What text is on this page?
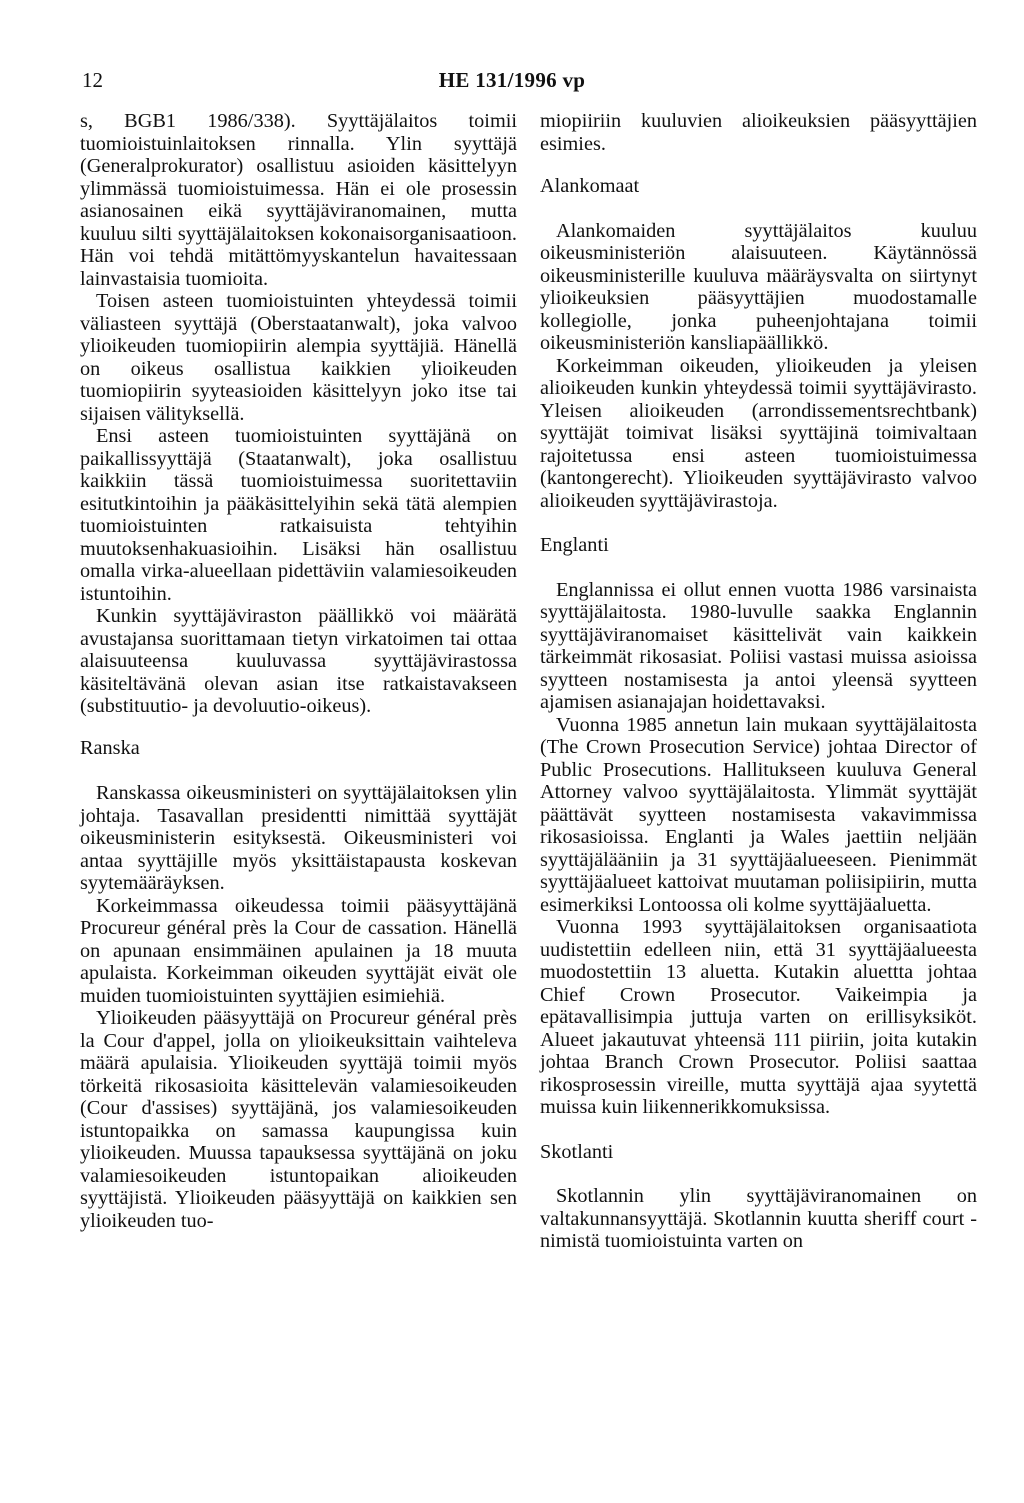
12	HE 131/1996 vp

s, BGB1 1986/338). Syyttäjälaitos toimii tuomioistuinlaitoksen rinnalla. Ylin syyttäjä (Generalprokurator) osallistuu asioiden käsittelyyn ylimmässä tuomioistuimessa. Hän ei ole prosessin asianosainen eikä syyttäjäviranomainen, mutta kuuluu silti syyttäjälaitoksen kokonaisorganisaatioon. Hän voi tehdä mitättömyyskantelun havaitessaan lainvastaisia tuomioita.

Toisen asteen tuomioistuinten yhteydessä toimii väliasteen syyttäjä (Oberstaatanwalt), joka valvoo ylioikeuden tuomiopiirin alempia syyttäjiä. Hänellä on oikeus osallistua kaikkien ylioikeuden tuomiopiirin syyteasioiden käsittelyyn joko itse tai sijaisen välityksellä.

Ensi asteen tuomioistuinten syyttäjänä on paikallissyyttäjä (Staatanwalt), joka osallistuu kaikkiin tässä tuomioistuimessa suoritettaviin esitutkintoihin ja pääkäsittelyihin sekä tätä alempien tuomioistuinten ratkaisuista tehtyihin muutoksenhakuasioihin. Lisäksi hän osallistuu omalla virka-alueellaan pidettäviin valamiesoikeuden istuntoihin.

Kunkin syyttäjäviraston päällikkö voi määrätä avustajansa suorittamaan tietyn virkatoimen tai ottaa alaisuuteensa kuuluvassa syyttäjävirastossa käsiteltävänä olevan asian itse ratkaistavakseen (substituutio- ja devoluutio-oikeus).

Ranska

Ranskassa oikeusministeri on syyttäjälaitoksen ylin johtaja. Tasavallan presidentti nimittää syyttäjät oikeusministerin esityksestä. Oikeusministeri voi antaa syyttäjille myös yksittäistapausta koskevan syytemääräyksen.

Korkeimmassa oikeudessa toimii pääsyyttäjänä Procureur général près la Cour de cassation. Hänellä on apunaan ensimmäinen apulainen ja 18 muuta apulaista. Korkeimman oikeuden syyttäjät eivät ole muiden tuomioistuinten syyttäjien esimiehiä.

Ylioikeuden pääsyyttäjä on Procureur général près la Cour d'appel, jolla on ylioikeuksittain vaihteleva määrä apulaisia. Ylioikeuden syyttäjä toimii myös törkeitä rikosasioita käsittelevän valamiesoikeuden (Cour d'assises) syyttäjänä, jos valamiesoikeuden istuntopaikka on samassa kaupungissa kuin ylioikeuden. Muussa tapauksessa syyttäjänä on joku valamiesoikeuden istuntopaikan alioikeuden syyttäjistä. Ylioikeuden pääsyyttäjä on kaikkien sen ylioikeuden tuo-

miopiiriin kuuluvien alioikeuksien pääsyyttäjien esimies.

Alankomaat

Alankomaiden syyttäjälaitos kuuluu oikeusministeriön alaisuuteen. Käytännössä oikeusministerille kuuluva määräysvalta on siirtynyt ylioikeuksien pääsyyttäjien muodostamalle kollegiolle, jonka puheenjohtajana toimii oikeusministeriön kansliapäällikkö.

Korkeimman oikeuden, ylioikeuden ja yleisen alioikeuden kunkin yhteydessä toimii syyttäjävirasto. Yleisen alioikeuden (arrondissementsrechtbank) syyttäjät toimivat lisäksi syyttäjinä toimivaltaan rajoitetussa ensi asteen tuomioistuimessa (kantongerecht). Ylioikeuden syyttäjävirasto valvoo alioikeuden syyttäjävirastoja.

Englanti

Englannissa ei ollut ennen vuotta 1986 varsinaista syyttäjälaitosta. 1980-luvulle saakka Englannin syyttäjäviranomaiset käsittelivät vain kaikkein tärkeimmät rikosasiat. Poliisi vastasi muissa asioissa syytteen nostamisesta ja antoi yleensä syytteen ajamisen asianajajan hoidettavaksi.

Vuonna 1985 annetun lain mukaan syyttäjälaitosta (The Crown Prosecution Service) johtaa Director of Public Prosecutions. Hallitukseen kuuluva General Attorney valvoo syyttäjälaitosta. Ylimmät syyttäjät päättävät syytteen nostamisesta vakavimmissa rikosasioissa. Englanti ja Wales jaettiin neljään syyttäjälääniin ja 31 syyttäjäalueeseen. Pienimmät syyttäjäalueet kattoivat muutaman poliisipiirin, mutta esimerkiksi Lontoossa oli kolme syyttäjäaluetta.

Vuonna 1993 syyttäjälaitoksen organisaatiota uudistettiin edelleen niin, että 31 syyttäjäalueesta muodostettiin 13 aluetta. Kutakin aluettta johtaa Chief Crown Prosecutor. Vaikeimpia ja epätavallisimpia juttuja varten on erillisyksiköt. Alueet jakautuvat yhteensä 111 piiriin, joita kutakin johtaa Branch Crown Prosecutor. Poliisi saattaa rikosprosessin vireille, mutta syyttäjä ajaa syytettä muissa kuin liikennerikkomuksissa.

Skotlanti

Skotlannin ylin syyttäjäviranomainen on valtakunnansyyttäjä. Skotlannin kuutta sheriff court -nimistä tuomioistuinta varten on
